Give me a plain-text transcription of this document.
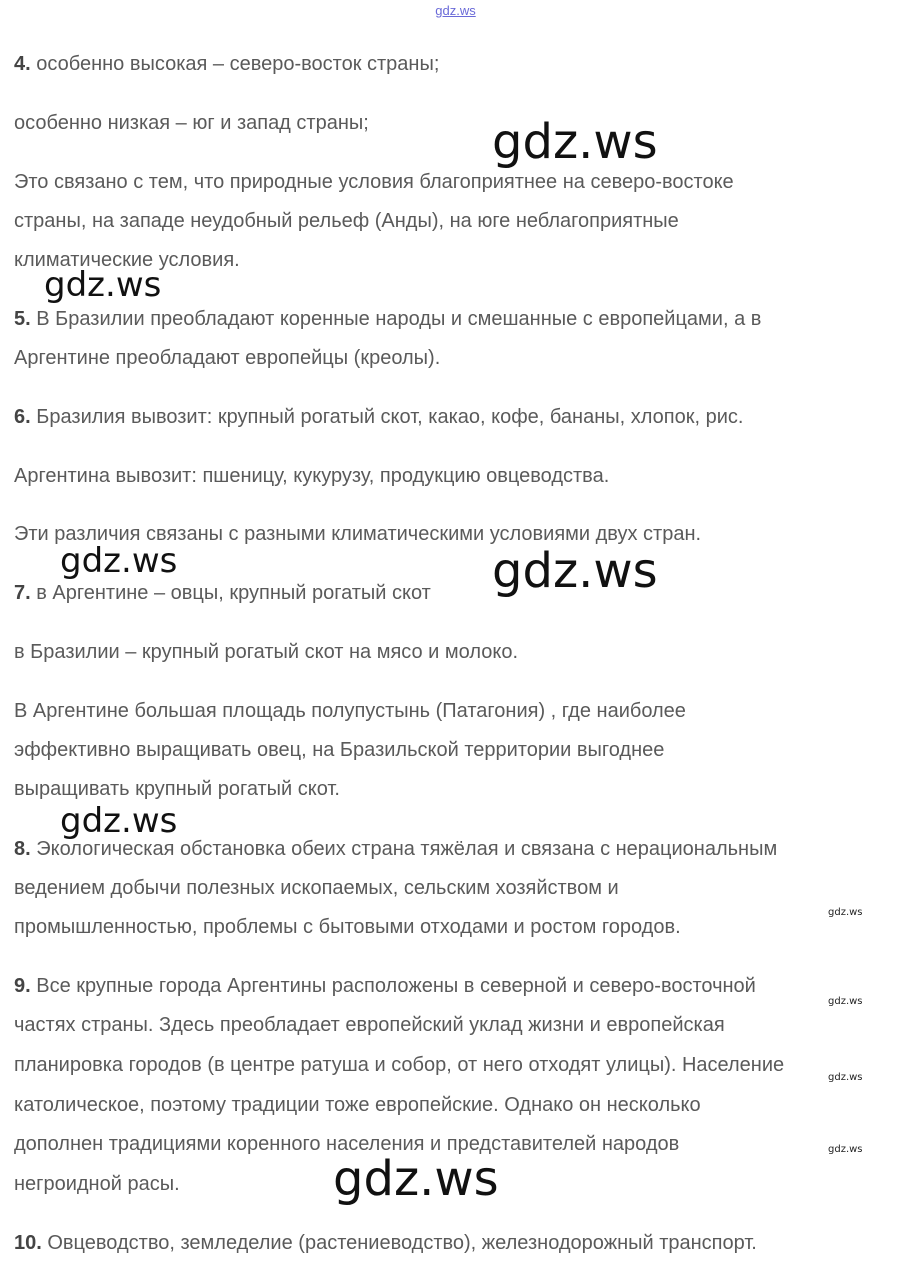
gdz.ws
4. особенно высокая – северо-восток страны;
особенно низкая – юг и запад страны;
Это связано с тем, что природные условия благоприятнее на северо-востоке
страны, на западе неудобный рельеф (Анды), на юге неблагоприятные
климатические условия.
5. В Бразилии преобладают коренные народы и смешанные с европейцами, а в
Аргентине преобладают европейцы (креолы).
6. Бразилия вывозит: крупный рогатый скот, какао, кофе, бананы, хлопок, рис.
Аргентина вывозит: пшеницу, кукурузу, продукцию овцеводства.
Эти различия связаны с разными климатическими условиями двух стран.
7. в Аргентине – овцы, крупный рогатый скот
в Бразилии – крупный рогатый скот на мясо и молоко.
В Аргентине большая площадь полупустынь (Патагония) , где наиболее
эффективно выращивать овец, на Бразильской территории выгоднее
выращивать крупный рогатый скот.
8. Экологическая обстановка обеих страна тяжёлая и связана с нерациональным
ведением добычи полезных ископаемых, сельским хозяйством и
промышленностью, проблемы с бытовыми отходами и ростом городов.
9. Все крупные города Аргентины расположены в северной и северо-восточной
частях страны. Здесь преобладает европейский уклад жизни и европейская
планировка городов (в центре ратуша и собор, от него отходят улицы). Население
католическое, поэтому традиции тоже европейские. Однако он несколько
дополнен традициями коренного населения и представителей народов
негроидной расы.
10. Овцеводство, земледелие (растениеводство), железнодорожный транспорт.
gdz.ws
gdz.ws
gdz.ws	gdz.ws
gdz.ws
gdz.ws
gdz.ws
gdz.ws
gdz.ws
gdz.ws
